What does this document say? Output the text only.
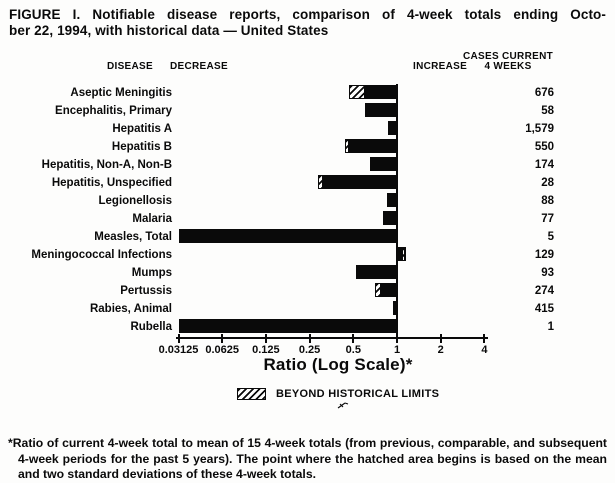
FIGURE I. Notifiable disease reports, comparison of 4-week totals ending Octo-
ber 22, 1994, with historical data — United States
DISEASE	DECREASE	INCREASE
CASES CURRENT
4 WEEKS
Aseptic Meningitis	676
Encephalitis, Primary	58
Hepatitis A	1,579
Hepatitis B	550
Hepatitis, Non-A, Non-B	174
Hepatitis, Unspecified	28
Legionellosis	88
Malaria	77
Measles, Total	5
Meningococcal Infections	129
Mumps	93
Pertussis	274
Rabies, Animal	415
Rubella	1
0.03125 0.0625	0.125	0.25	0.5	1	2	4
Ratio (Log Scale)*
BEYOND HISTORICAL LIMITS
*Ratio of current 4-week total to mean of 15 4-week totals (from previous, comparable, and subsequent 4-week periods for the past 5 years). The point where the hatched area begins is based on the mean and two standard deviations of these 4-week totals.
